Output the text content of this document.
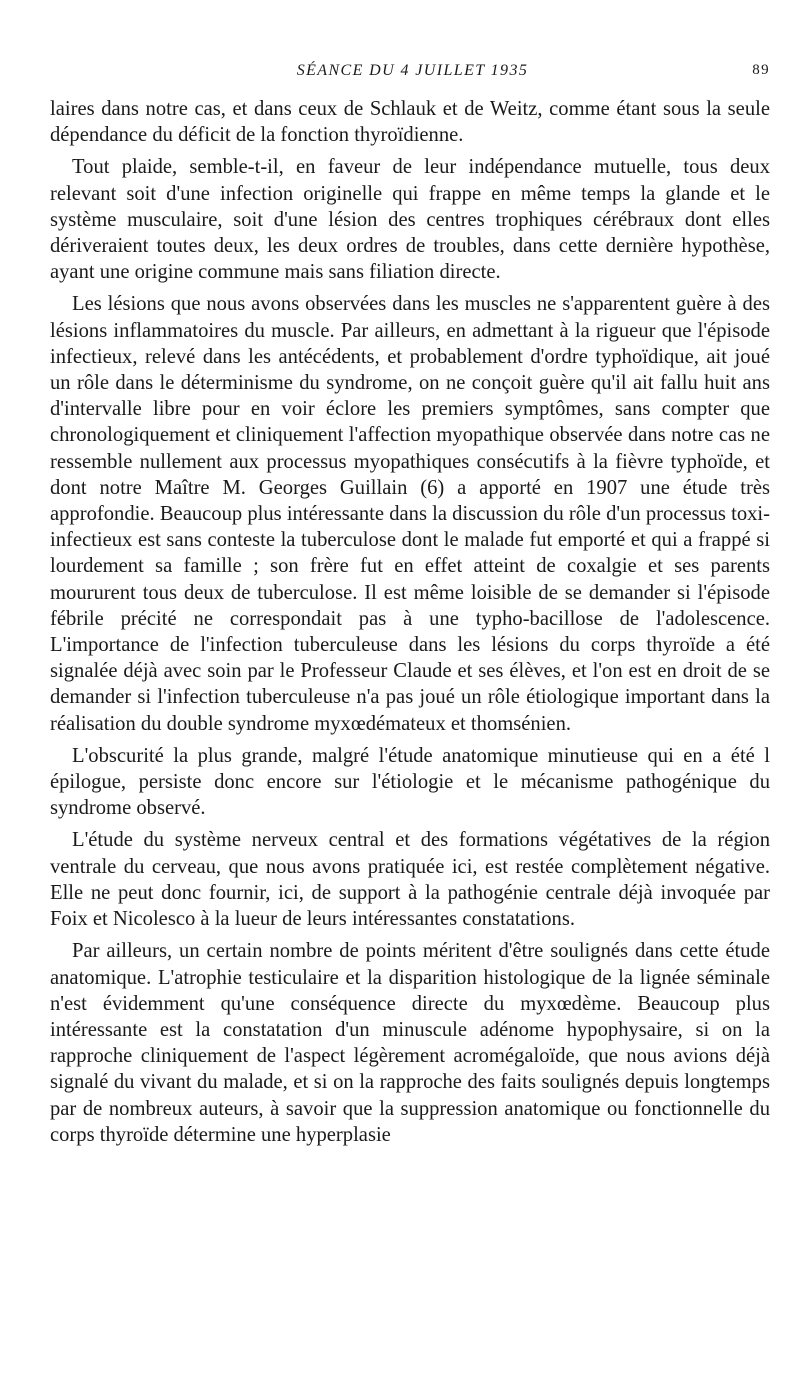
SÉANCE DU 4 JUILLET 1935	89

laires dans notre cas, et dans ceux de Schlauk et de Weitz, comme étant sous la seule dépendance du déficit de la fonction thyroïdienne.

Tout plaide, semble-t-il, en faveur de leur indépendance mutuelle, tous deux relevant soit d'une infection originelle qui frappe en même temps la glande et le système musculaire, soit d'une lésion des centres trophiques cérébraux dont elles dériveraient toutes deux, les deux ordres de troubles, dans cette dernière hypothèse, ayant une origine commune mais sans filiation directe.

Les lésions que nous avons observées dans les muscles ne s'apparentent guère à des lésions inflammatoires du muscle. Par ailleurs, en admettant à la rigueur que l'épisode infectieux, relevé dans les antécédents, et probablement d'ordre typhoïdique, ait joué un rôle dans le déterminisme du syndrome, on ne conçoit guère qu'il ait fallu huit ans d'intervalle libre pour en voir éclore les premiers symptômes, sans compter que chronologiquement et cliniquement l'affection myopathique observée dans notre cas ne ressemble nullement aux processus myopathiques consécutifs à la fièvre typhoïde, et dont notre Maître M. Georges Guillain (6) a apporté en 1907 une étude très approfondie. Beaucoup plus intéressante dans la discussion du rôle d'un processus toxi-infectieux est sans conteste la tuberculose dont le malade fut emporté et qui a frappé si lourdement sa famille ; son frère fut en effet atteint de coxalgie et ses parents moururent tous deux de tuberculose. Il est même loisible de se demander si l'épisode fébrile précité ne correspondait pas à une typho-bacillose de l'adolescence. L'importance de l'infection tuberculeuse dans les lésions du corps thyroïde a été signalée déjà avec soin par le Professeur Claude et ses élèves, et l'on est en droit de se demander si l'infection tuberculeuse n'a pas joué un rôle étiologique important dans la réalisation du double syndrome myxœdémateux et thomsénien.

L'obscurité la plus grande, malgré l'étude anatomique minutieuse qui en a été l épilogue, persiste donc encore sur l'étiologie et le mécanisme pathogénique du syndrome observé.

L'étude du système nerveux central et des formations végétatives de la région ventrale du cerveau, que nous avons pratiquée ici, est restée complètement négative. Elle ne peut donc fournir, ici, de support à la pathogénie centrale déjà invoquée par Foix et Nicolesco à la lueur de leurs intéressantes constatations.

Par ailleurs, un certain nombre de points méritent d'être soulignés dans cette étude anatomique. L'atrophie testiculaire et la disparition histologique de la lignée séminale n'est évidemment qu'une conséquence directe du myxœdème. Beaucoup plus intéressante est la constatation d'un minuscule adénome hypophysaire, si on la rapproche cliniquement de l'aspect légèrement acromégaloïde, que nous avions déjà signalé du vivant du malade, et si on la rapproche des faits soulignés depuis longtemps par de nombreux auteurs, à savoir que la suppression anatomique ou fonctionnelle du corps thyroïde détermine une hyperplasie
